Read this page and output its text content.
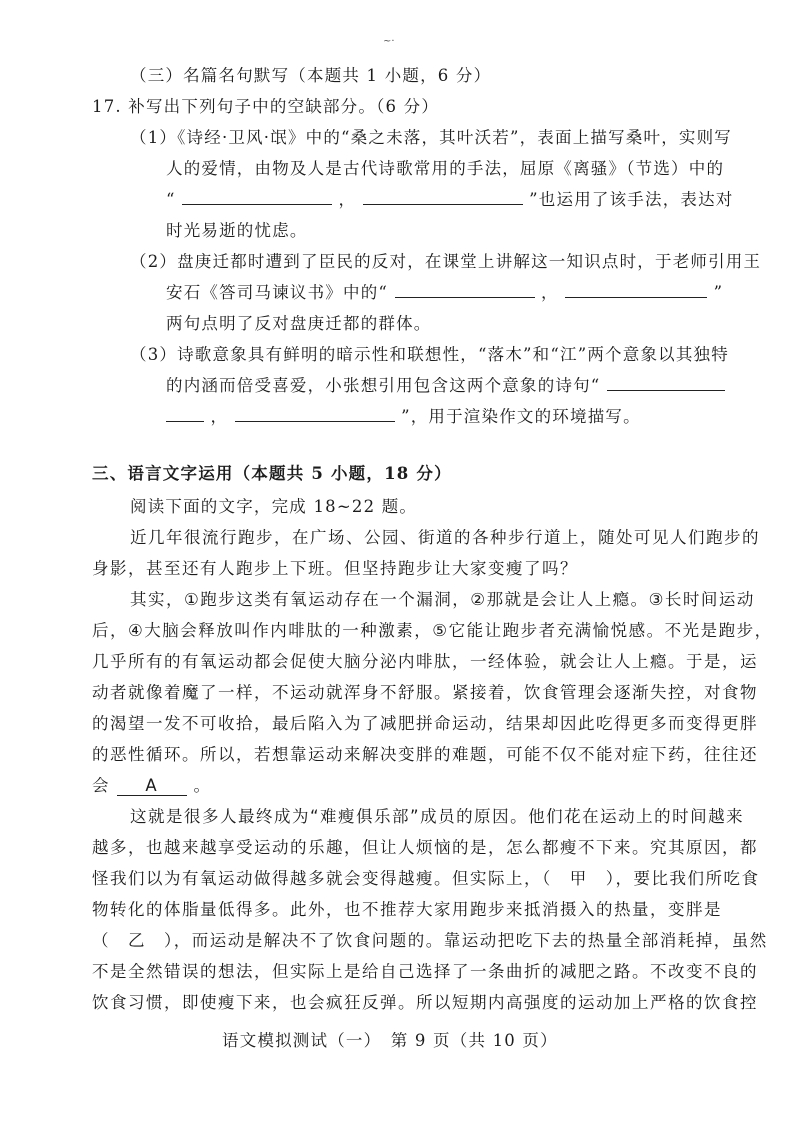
~·
（三）名篇名句默写（本题共 1 小题，6 分）
17. 补写出下列句子中的空缺部分。（6 分）
（1）《诗经·卫风·氓》中的“桑之未落，其叶沃若”，表面上描写桑叶，实则写
人的爱情，由物及人是古代诗歌常用的手法，屈原《离骚》（节选）中的
“	，	”也运用了该手法，表达对
时光易逝的忧虑。
（2）盘庚迁都时遭到了臣民的反对，在课堂上讲解这一知识点时，于老师引用王
安石《答司马谏议书》中的“	，	”
两句点明了反对盘庚迁都的群体。
（3）诗歌意象具有鲜明的暗示性和联想性，“落木”和“江”两个意象以其独特
的内涵而倍受喜爱，小张想引用包含这两个意象的诗句“
，	”，用于渲染作文的环境描写。
三、语言文字运用（本题共 5 小题，18 分）
阅读下面的文字，完成 18~22 题。
近几年很流行跑步，在广场、公园、街道的各种步行道上，随处可见人们跑步的
身影，甚至还有人跑步上下班。但坚持跑步让大家变瘦了吗？
其实，①跑步这类有氧运动存在一个漏洞，②那就是会让人上瘾。③长时间运动
后，④大脑会释放叫作内啡肽的一种激素，⑤它能让跑步者充满愉悦感。不光是跑步，
几乎所有的有氧运动都会促使大脑分泌内啡肽，一经体验，就会让人上瘾。于是，运
动者就像着魔了一样，不运动就浑身不舒服。紧接着，饮食管理会逐渐失控，对食物
的渴望一发不可收拾，最后陷入为了减肥拼命运动，结果却因此吃得更多而变得更胖
的恶性循环。所以，若想靠运动来解决变胖的难题，可能不仅不能对症下药，往往还
会 A 。
这就是很多人最终成为“难瘦俱乐部”成员的原因。他们花在运动上的时间越来
越多，也越来越享受运动的乐趣，但让人烦恼的是，怎么都瘦不下来。究其原因，都
怪我们以为有氧运动做得越多就会变得越瘦。但实际上，（　甲　），要比我们所吃食
物转化的体脂量低得多。此外，也不推荐大家用跑步来抵消摄入的热量，变胖是
（　乙　），而运动是解决不了饮食问题的。靠运动把吃下去的热量全部消耗掉，虽然
不是全然错误的想法，但实际上是给自己选择了一条曲折的减肥之路。不改变不良的
饮食习惯，即使瘦下来，也会疯狂反弹。所以短期内高强度的运动加上严格的饮食控
语文模拟测试（一）　第 9 页（共 10 页）
